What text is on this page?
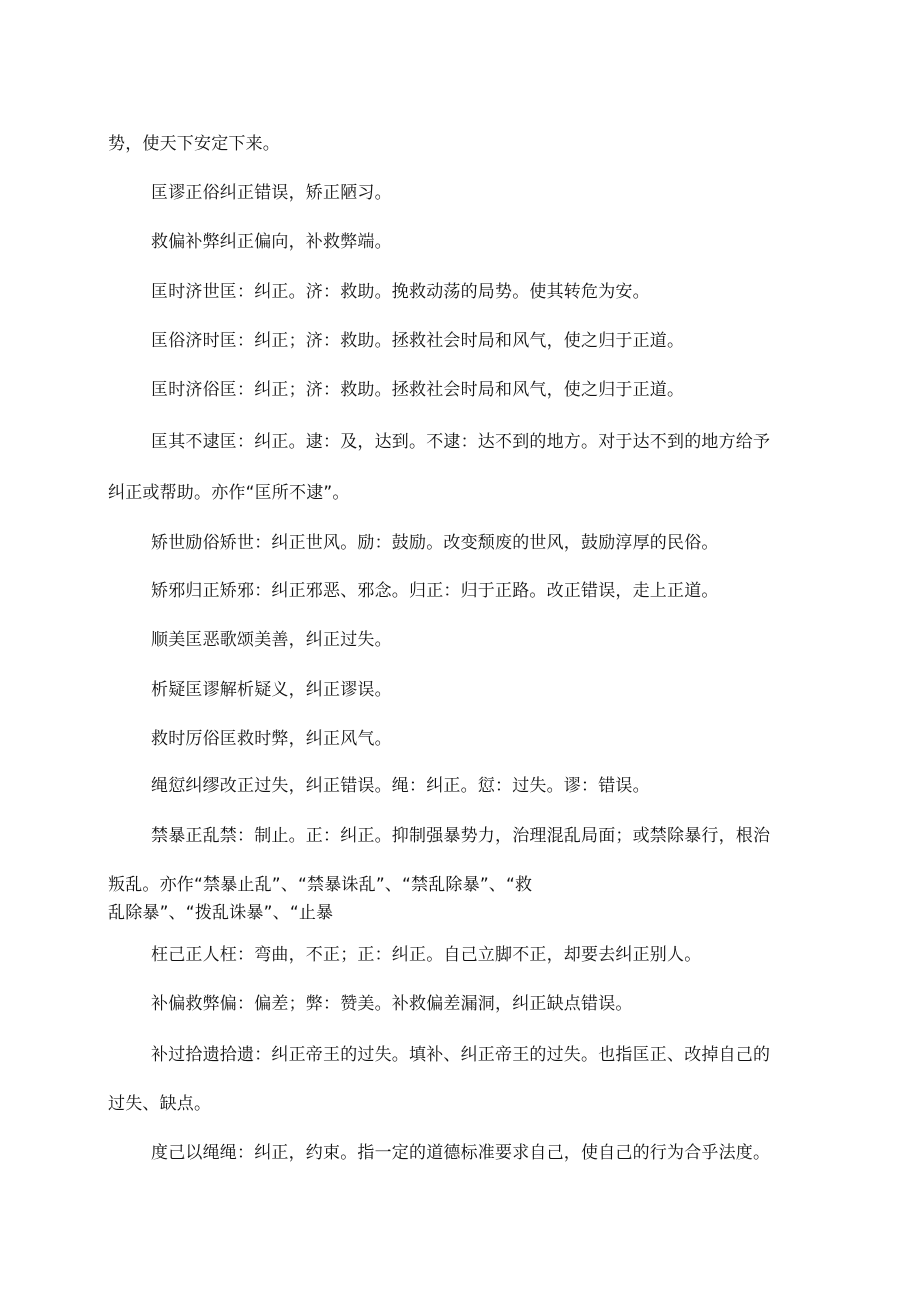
势，使天下安定下来。
匡谬正俗纠正错误，矫正陋习。
救偏补弊纠正偏向，补救弊端。
匡时济世匡：纠正。济：救助。挽救动荡的局势。使其转危为安。
匡俗济时匡：纠正；济：救助。拯救社会时局和风气，使之归于正道。
匡时济俗匡：纠正；济：救助。拯救社会时局和风气，使之归于正道。
匡其不逮匡：纠正。逮：及，达到。不逮：达不到的地方。对于达不到的地方给予
纠正或帮助。亦作“匡所不逮”。
矫世励俗矫世：纠正世风。励：鼓励。改变颓废的世风，鼓励淳厚的民俗。
矫邪归正矫邪：纠正邪恶、邪念。归正：归于正路。改正错误，走上正道。
顺美匡恶歌颂美善，纠正过失。
析疑匡谬解析疑义，纠正谬误。
救时厉俗匡救时弊，纠正风气。
绳愆纠缪改正过失，纠正错误。绳：纠正。愆：过失。谬：错误。
禁暴正乱禁：制止。正：纠正。抑制强暴势力，治理混乱局面；或禁除暴行，根治
叛乱。亦作“禁暴止乱”、“禁暴诛乱”、“禁乱除暴”、“救
乱除暴”、“拨乱诛暴”、“止暴
枉己正人枉：弯曲，不正；正：纠正。自己立脚不正，却要去纠正别人。
补偏救弊偏：偏差；弊：赞美。补救偏差漏洞，纠正缺点错误。
补过拾遗拾遗：纠正帝王的过失。填补、纠正帝王的过失。也指匡正、改掉自己的
过失、缺点。
度己以绳绳：纠正，约束。指一定的道德标准要求自己，使自己的行为合乎法度。
